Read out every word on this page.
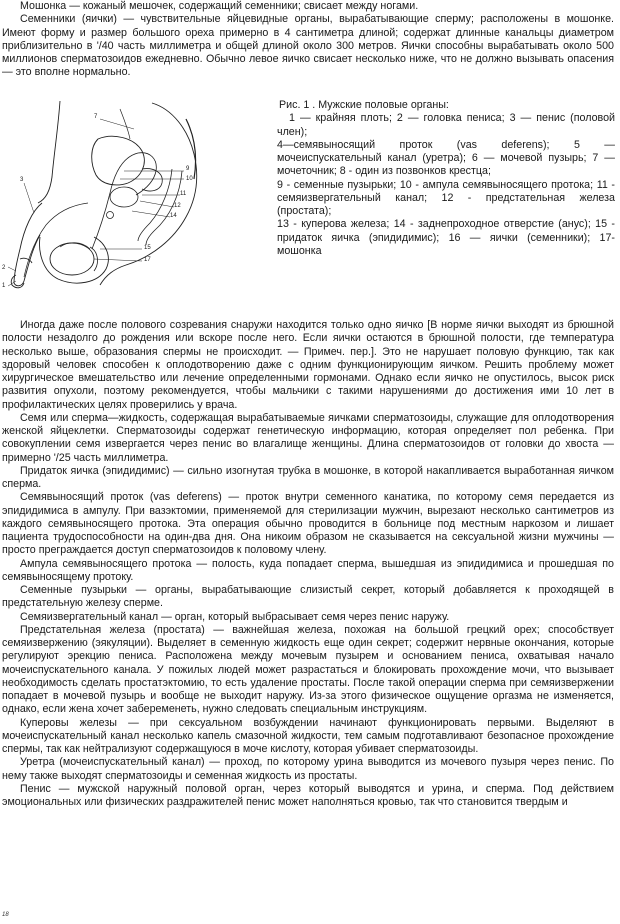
Мошонка — кожаный мешочек, содержащий семенники; свисает между ногами.

Семенники (яички) — чувствительные яйцевидные органы, вырабатывающие сперму; расположены в мошонке. Имеют форму и размер большого ореха примерно в 4 сантиметра длиной; содержат длинные канальцы диаметром приблизительно в '/40 часть миллиметра и общей длиной около 300 метров. Яички способны вырабатывать около 500 миллионов сперматозоидов ежедневно. Обычно левое яичко свисает несколько ниже, что не должно вызывать опасения — это вполне нормально.

1
2
3
7
9
10
11
12
14
15
17

Рис. 1 . Мужские половые органы:

1 — крайняя плоть; 2 — головка пениса; 3 — пенис (половой член);

4—семявыносящий проток (vas deferens); 5 — мочеиспускательный канал (уретра); 6 — мочевой пузырь; 7 — мочеточник; 8 - один из позвонков крестца;

9 - семенные пузырьки; 10 - ампула семявыносящего протока; 11 - семяизвергательный канал; 12 - предстательная железа (простата);

13 - куперова железа; 14 - заднепроходное отверстие (анус); 15 - придаток яичка (эпидидимис); 16 — яички (семенники); 17- мошонка

Иногда даже после полового созревания снаружи находится только одно яичко [В норме яички выходят из брюшной полости незадолго до рождения или вскоре после него. Если яички остаются в брюшной полости, где температура несколько выше, образования спермы не происходит. — Примеч. пер.]. Это не нарушает половую функцию, так как здоровый человек способен к оплодотворению даже с одним функционирующим яичком. Решить проблему может хирургическое вмешательство или лечение определенными гормонами. Однако если яичко не опустилось, высок риск развития опухоли, поэтому рекомендуется, чтобы мальчики с такими нарушениями до достижения ими 10 лет в профилактических целях проверились у врача.

Семя или сперма—жидкость, содержащая вырабатываемые яичками сперматозоиды, служащие для оплодотворения женской яйцеклетки. Сперматозоиды содержат генетическую информацию, которая определяет пол ребенка. При совокуплении семя извергается через пенис во влагалище женщины. Длина сперматозоидов от головки до хвоста — примерно '/25 часть миллиметра.

Придаток яичка (эпидидимис) — сильно изогнутая трубка в мошонке, в которой накапливается выработанная яичком сперма.

Семявыносящий проток (vas deferens) — проток внутри семенного канатика, по которому семя передается из эпидидимиса в ампулу. При вазэктомии, применяемой для стерилизации мужчин, вырезают несколько сантиметров из каждого семявыносящего протока. Эта операция обычно проводится в больнице под местным наркозом и лишает пациента трудоспособности на один-два дня. Она никоим образом не сказывается на сексуальной жизни мужчины — просто преграждается доступ сперматозоидов к половому члену.

Ампула семявыносящего протока — полость, куда попадает сперма, вышедшая из эпидидимиса и прошедшая по семявыносящему протоку.

Семенные пузырьки — органы, вырабатывающие слизистый секрет, который добавляется к проходящей в предстательную железу сперме.

Семяизвергательный канал — орган, который выбрасывает семя через пенис наружу.

Предстательная железа (простата) — важнейшая железа, похожая на большой грецкий орех; способствует семяизвержению (эякуляции). Выделяет в семенную жидкость еще один секрет; содержит нервные окончания, которые регулируют эрекцию пениса. Расположена между мочевым пузырем и основанием пениса, охватывая начало мочеиспускательного канала. У пожилых людей может разрастаться и блокировать прохождение мочи, что вызывает необходимость сделать простатэктомию, то есть удаление простаты. После такой операции сперма при семяизвержении попадает в мочевой пузырь и вообще не выходит наружу. Из-за этого физическое ощущение оргазма не изменяется, однако, если жена хочет забеременеть, нужно следовать специальным инструкциям.

Куперовы железы — при сексуальном возбуждении начинают функционировать первыми. Выделяют в мочеиспускательный канал несколько капель смазочной жидкости, тем самым подготавливают безопасное прохождение спермы, так как нейтрализуют содержащуюся в моче кислоту, которая убивает сперматозоиды.

Уретра (мочеиспускательный канал) — проход, по которому урина выводится из мочевого пузыря через пенис. По нему также выходят сперматозоиды и семенная жидкость из простаты.

Пенис — мужской наружный половой орган, через который выводятся и урина, и сперма. Под действием эмоциональных или физических раздражителей пенис может наполняться кровью, так что становится твердым и

18
